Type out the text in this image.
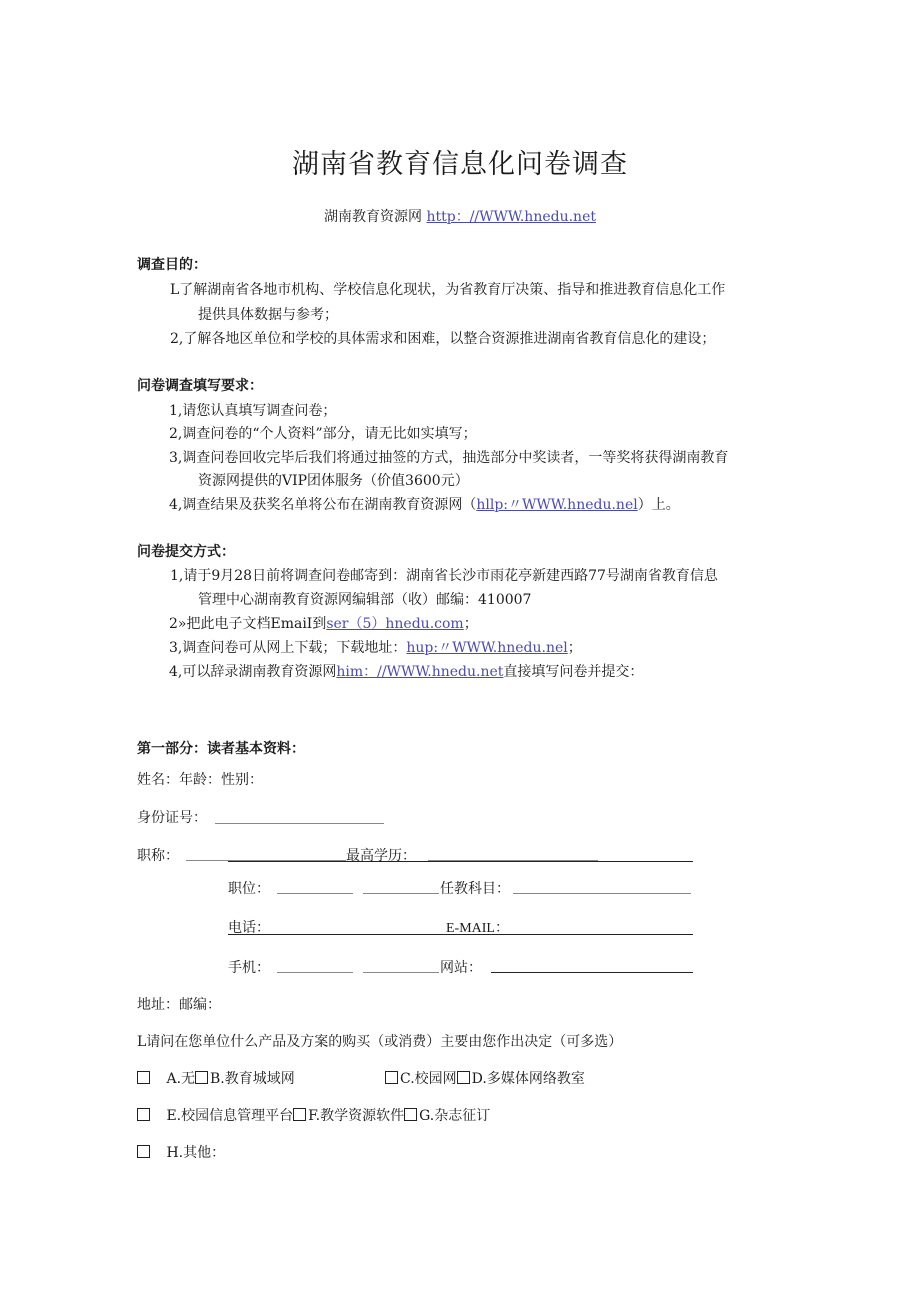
湖南省教育信息化问卷调查
湖南教育资源网 http：//WWW.hnedu.net
调查目的：
L了解湖南省各地市机构、学校信息化现状，为省教育厅决策、指导和推进教育信息化工作
提供具体数据与参考；
2,了解各地区单位和学校的具体需求和困难，以整合资源推进湖南省教育信息化的建设；
问卷调查填写要求：
1,请您认真填写调查问卷；
2,调查问卷的“个人资料”部分，请无比如实填写；
3,调查问卷回收完毕后我们将通过抽签的方式，抽选部分中奖读者，一等奖将获得湖南教育
资源网提供的VIP团体服务（价值3600元）
4,调查结果及获奖名单将公布在湖南教育资源网（hllp:〃WWW.hnedu.nel）上。
问卷提交方式：
1,请于9月28日前将调查问卷邮寄到：湖南省长沙市雨花亭新建西路77号湖南省教育信息
管理中心湖南教育资源网编辑部（收）邮编：410007
2»把此电子文档EmaiI到ser（5）hnedu.com；
3,调查问卷可从网上下载；下载地址：hup:〃WWW.hnedu.nel；
4,可以辞录湖南教育资源网him：//WWW.hnedu.net直接填写问卷并提交：
第一部分：读者基本资料：
姓名：年龄：性别：
身份证号：
职称：	最高学历：
职位：	任教科目：
电话：	E-MAIL：
手机：	网站：
地址：邮编：
L请问在您单位什么产品及方案的购买（或消费）主要由您作出决定（可多选）
A.无 B.教育城域网	C.校园网 D.多媒体网络教室
E.校园信息管理平台 F.教学资源软件 G.杂志征订
H.其他：
